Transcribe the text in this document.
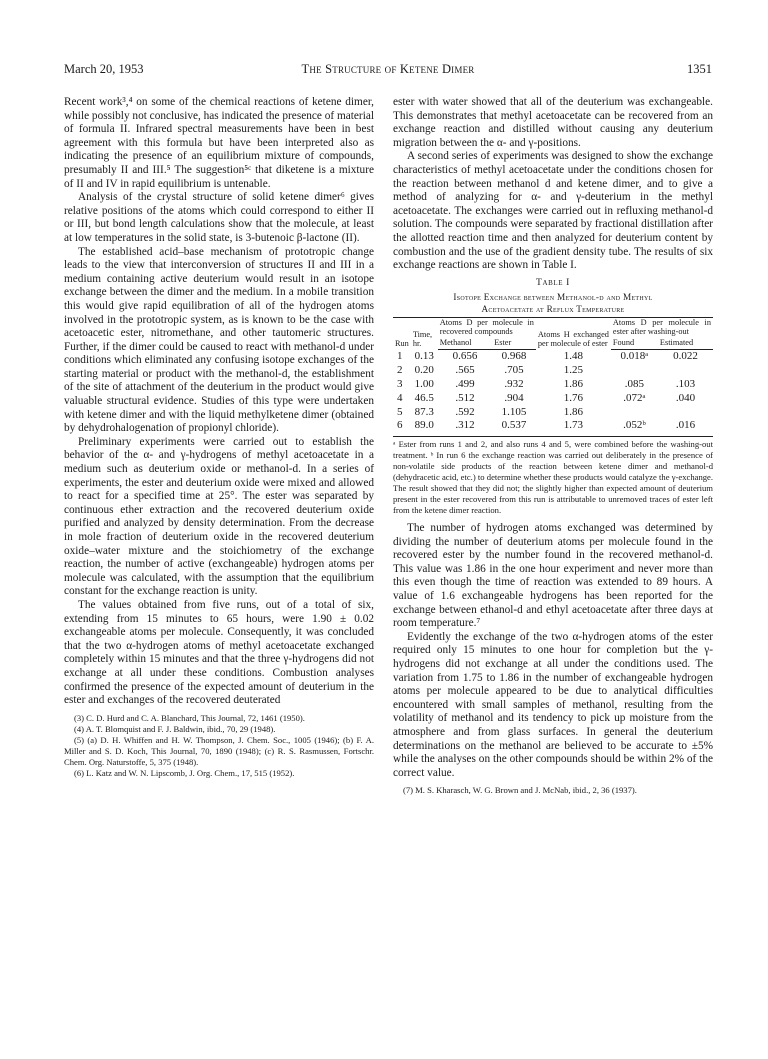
March 20, 1953	The Structure of Ketene Dimer	1351

Recent work³,⁴ on some of the chemical reactions of ketene dimer, while possibly not conclusive, has indicated the presence of material of formula II. Infrared spectral measurements have been in best agreement with this formula but have been interpreted also as indicating the presence of an equilibrium mixture of compounds, presumably II and III.⁵ The suggestion⁵ᶜ that diketene is a mixture of II and IV in rapid equilibrium is untenable.

Analysis of the crystal structure of solid ketene dimer⁶ gives relative positions of the atoms which could correspond to either II or III, but bond length calculations show that the molecule, at least at low temperatures in the solid state, is 3-butenoic β-lactone (II).

The established acid–base mechanism of prototropic change leads to the view that interconversion of structures II and III in a medium containing active deuterium would result in an isotope exchange between the dimer and the medium. In a mobile transition this would give rapid equilibration of all of the hydrogen atoms involved in the prototropic system, as is known to be the case with acetoacetic ester, nitromethane, and other tautomeric structures. Further, if the dimer could be caused to react with methanol-d under conditions which eliminated any confusing isotope exchanges of the starting material or product with the methanol-d, the establishment of the site of attachment of the deuterium in the product would give valuable structural evidence. Studies of this type were undertaken with ketene dimer and with the liquid methylketene dimer (obtained by dehydrohalogenation of propionyl chloride).

Preliminary experiments were carried out to establish the behavior of the α- and γ-hydrogens of methyl acetoacetate in a medium such as deuterium oxide or methanol-d. In a series of experiments, the ester and deuterium oxide were mixed and allowed to react for a specified time at 25°. The ester was separated by continuous ether extraction and the recovered deuterium oxide purified and analyzed by density determination. From the decrease in mole fraction of deuterium oxide in the recovered deuterium oxide–water mixture and the stoichiometry of the exchange reaction, the number of active (exchangeable) hydrogen atoms per molecule was calculated, with the assumption that the equilibrium constant for the exchange reaction is unity.

The values obtained from five runs, out of a total of six, extending from 15 minutes to 65 hours, were 1.90 ± 0.02 exchangeable atoms per molecule. Consequently, it was concluded that the two α-hydrogen atoms of methyl acetoacetate exchanged completely within 15 minutes and that the three γ-hydrogens did not exchange at all under these conditions. Combustion analyses confirmed the presence of the expected amount of deuterium in the ester and exchanges of the recovered deuterated

(3) C. D. Hurd and C. A. Blanchard, This Journal, 72, 1461 (1950).

(4) A. T. Blomquist and F. J. Baldwin, ibid., 70, 29 (1948).

(5) (a) D. H. Whiffen and H. W. Thompson, J. Chem. Soc., 1005 (1946); (b) F. A. Miller and S. D. Koch, This Journal, 70, 1890 (1948); (c) R. S. Rasmussen, Fortschr. Chem. Org. Naturstoffe, 5, 375 (1948).

(6) L. Katz and W. N. Lipscomb, J. Org. Chem., 17, 515 (1952).

ester with water showed that all of the deuterium was exchangeable. This demonstrates that methyl acetoacetate can be recovered from an exchange reaction and distilled without causing any deuterium migration between the α- and γ-positions.

A second series of experiments was designed to show the exchange characteristics of methyl acetoacetate under the conditions chosen for the reaction between methanol d and ketene dimer, and to give a method of analyzing for α- and γ-deuterium in the methyl acetoacetate. The exchanges were carried out in refluxing methanol-d solution. The compounds were separated by fractional distillation after the allotted reaction time and then analyzed for deuterium content by combustion and the use of the gradient density tube. The results of six exchange reactions are shown in Table I.

Table I
Isotope Exchange between Methanol-d and Methyl
Acetoacetate at Reflux Temperature
Run	Time, hr.	Atoms D per molecule in recovered compounds		Atoms H exchanged per molecule of ester	Atoms D per molecule in ester after washing-out	
		Methanol	Ester		Found	Estimated
1	0.13	0.656	0.968	1.48	0.018ᵃ	0.022
2	0.20	.565	.705	1.25		
3	1.00	.499	.932	1.86	.085	.103
4	46.5	.512	.904	1.76	.072ᵃ	.040
5	87.3	.592	1.105	1.86		
6	89.0	.312	0.537	1.73	.052ᵇ	.016
ᵃ Ester from runs 1 and 2, and also runs 4 and 5, were combined before the washing-out treatment. ᵇ In run 6 the exchange reaction was carried out deliberately in the presence of non-volatile side products of the reaction between ketene dimer and methanol-d (dehydracetic acid, etc.) to determine whether these products would catalyze the γ-exchange. The result showed that they did not; the slightly higher than expected amount of deuterium present in the ester recovered from this run is attributable to unremoved traces of ester left from the ketene dimer reaction.

The number of hydrogen atoms exchanged was determined by dividing the number of deuterium atoms per molecule found in the recovered ester by the number found in the recovered methanol-d. This value was 1.86 in the one hour experiment and never more than this even though the time of reaction was extended to 89 hours. A value of 1.6 exchangeable hydrogens has been reported for the exchange between ethanol-d and ethyl acetoacetate after three days at room temperature.⁷

Evidently the exchange of the two α-hydrogen atoms of the ester required only 15 minutes to one hour for completion but the γ-hydrogens did not exchange at all under the conditions used. The variation from 1.75 to 1.86 in the number of exchangeable hydrogen atoms per molecule appeared to be due to analytical difficulties encountered with small samples of methanol, resulting from the volatility of methanol and its tendency to pick up moisture from the atmosphere and from glass surfaces. In general the deuterium determinations on the methanol are believed to be accurate to ±5% while the analyses on the other compounds should be within 2% of the correct value.

(7) M. S. Kharasch, W. G. Brown and J. McNab, ibid., 2, 36 (1937).
